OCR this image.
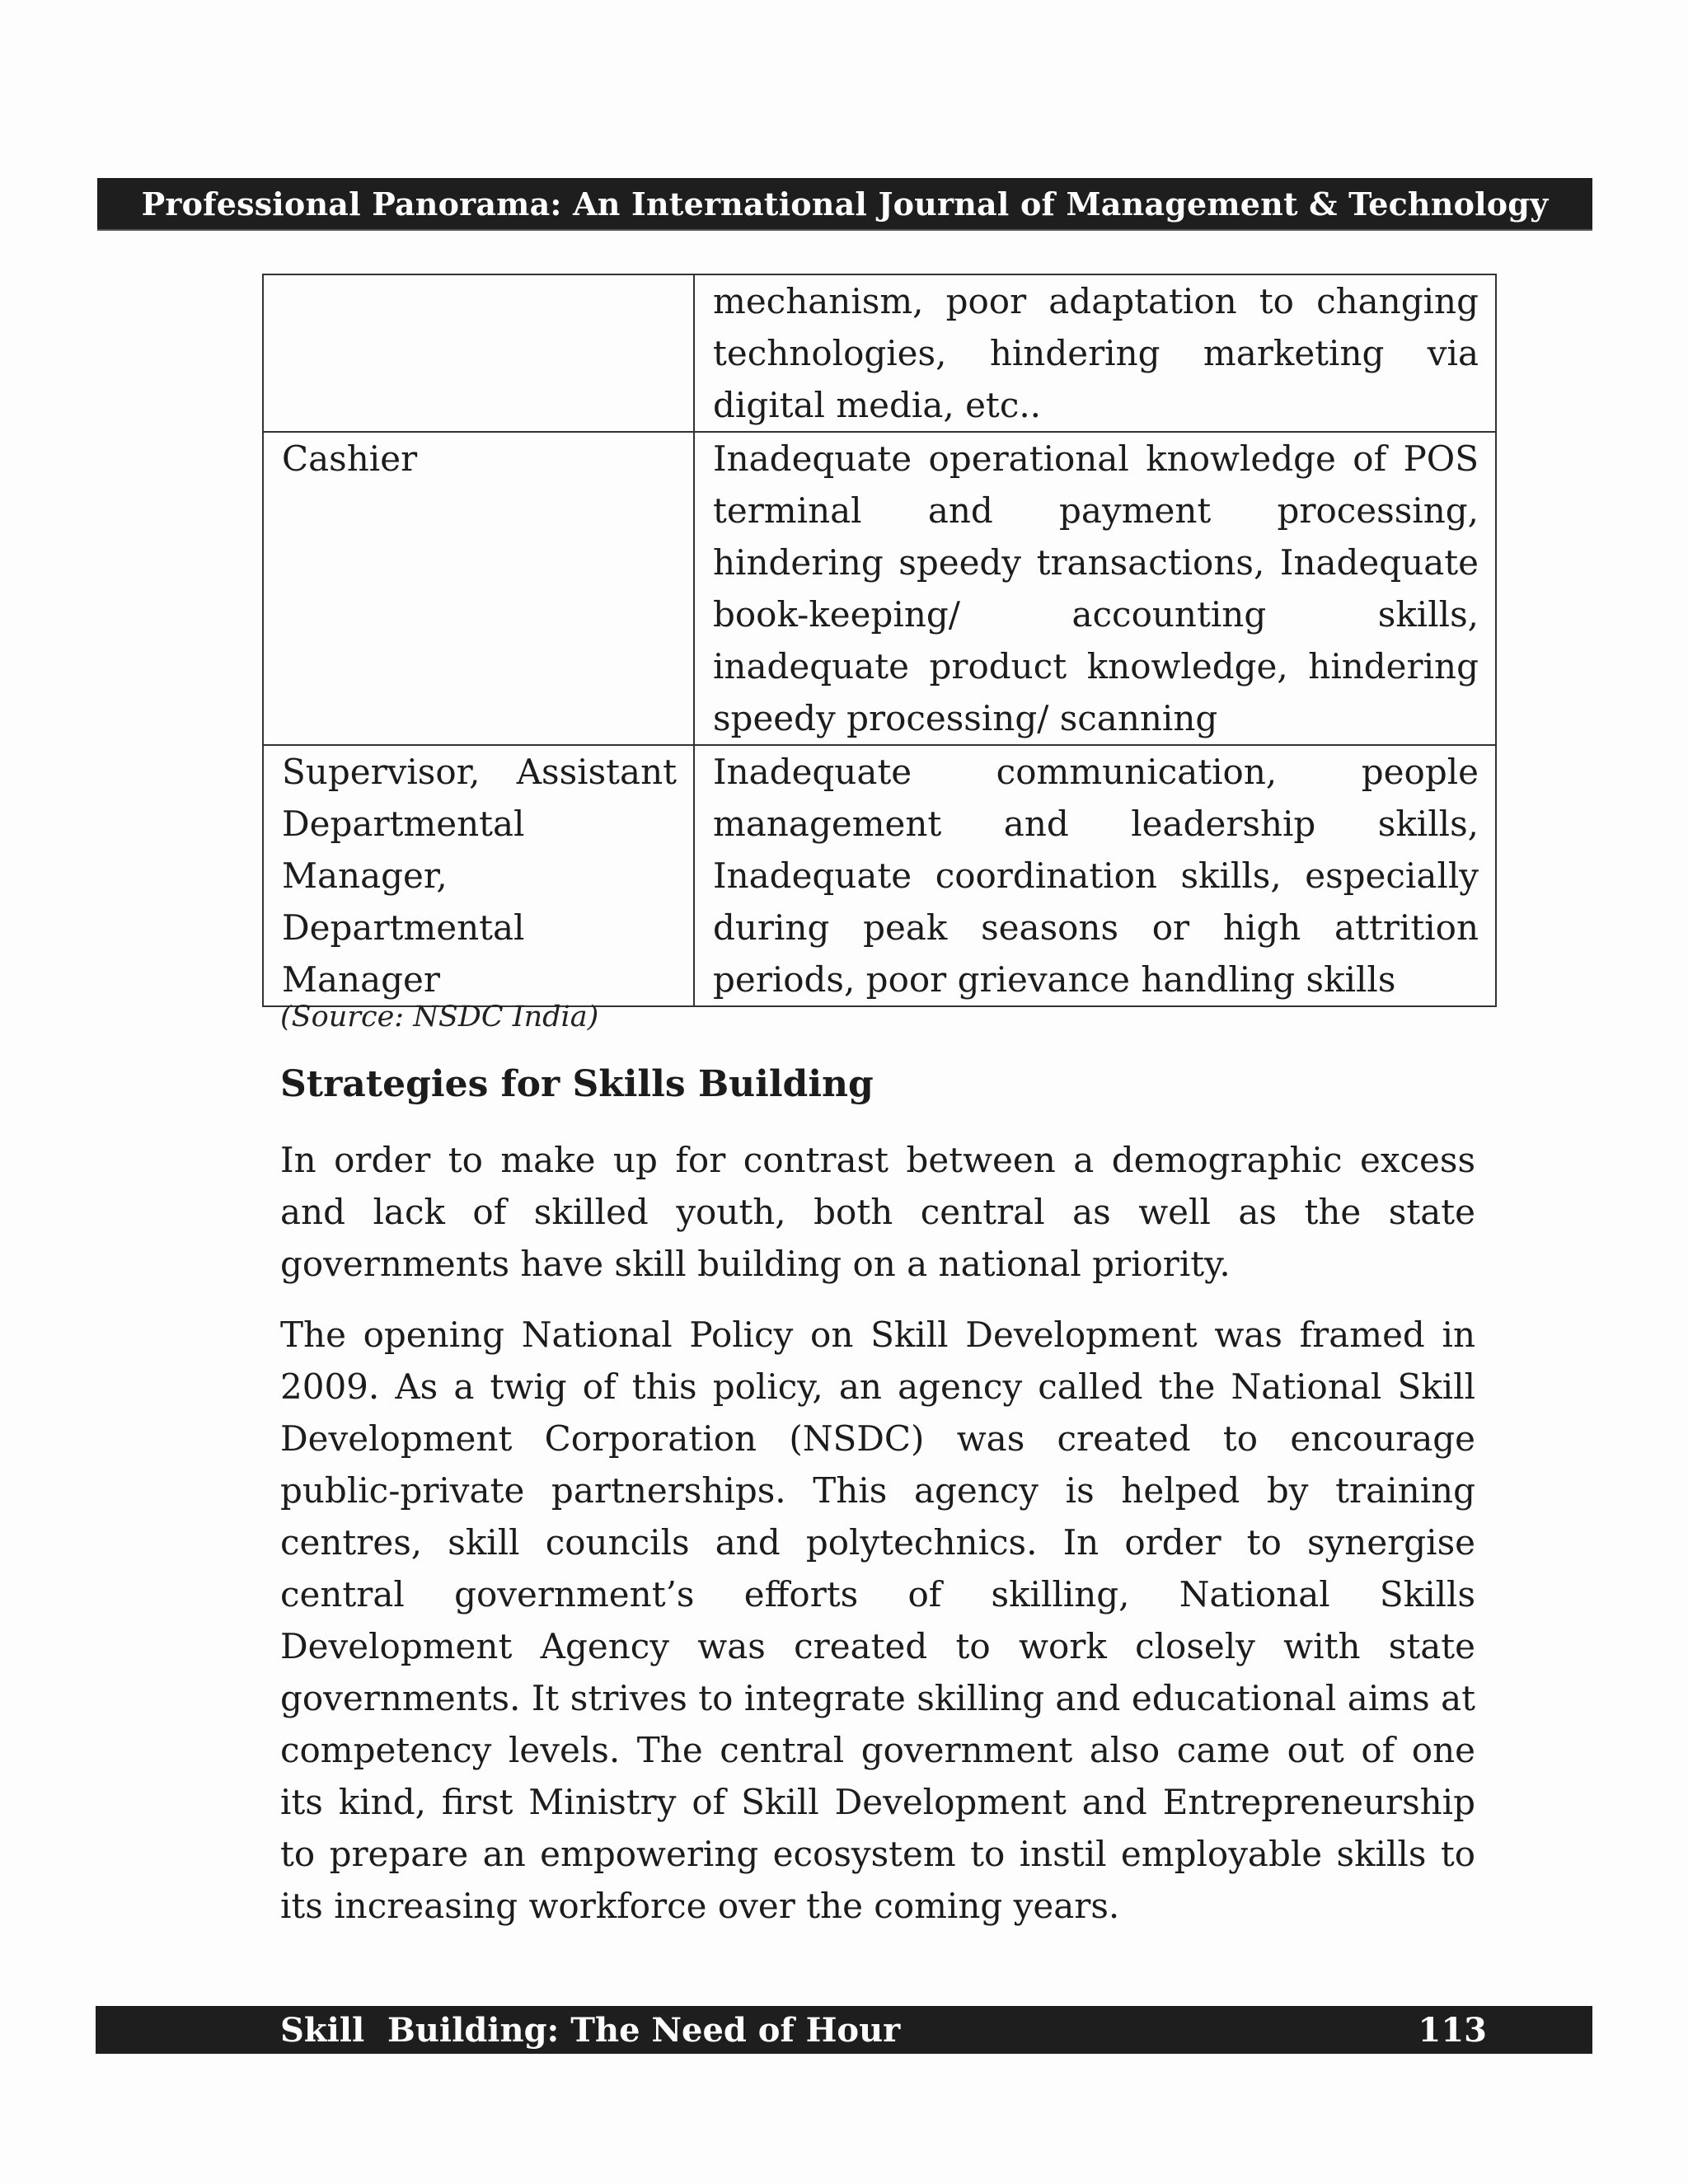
Professional Panorama: An International Journal of Management & Technology
	mechanism, poor adaptation to changing technologies, hindering marketing via digital media, etc..
Cashier	Inadequate operational knowledge of POS terminal and payment processing, hindering speedy transactions, Inadequate book-keeping/ accounting skills, inadequate product knowledge, hindering speedy processing/ scanning
Supervisor, Assistant Departmental Manager, Departmental Manager	Inadequate communication, people management and leadership skills, Inadequate coordination skills, especially during peak seasons or high attrition periods, poor grievance handling skills
(Source: NSDC India)
Strategies for Skills Building

In order to make up for contrast between a demographic excess and lack of skilled youth, both central as well as the state governments have skill building on a national priority.

The opening National Policy on Skill Development was framed in 2009. As a twig of this policy, an agency called the National Skill Development Corporation (NSDC) was created to encourage public-private partnerships. This agency is helped by training centres, skill councils and polytechnics. In order to synergise central government’s efforts of skilling, National Skills Development Agency was created to work closely with state governments. It strives to integrate skilling and educational aims at competency levels. The central government also came out of one its kind, first Ministry of Skill Development and Entrepreneurship to prepare an empowering ecosystem to instil employable skills to its increasing workforce over the coming years.

Skill  Building: The Need of Hour	113
